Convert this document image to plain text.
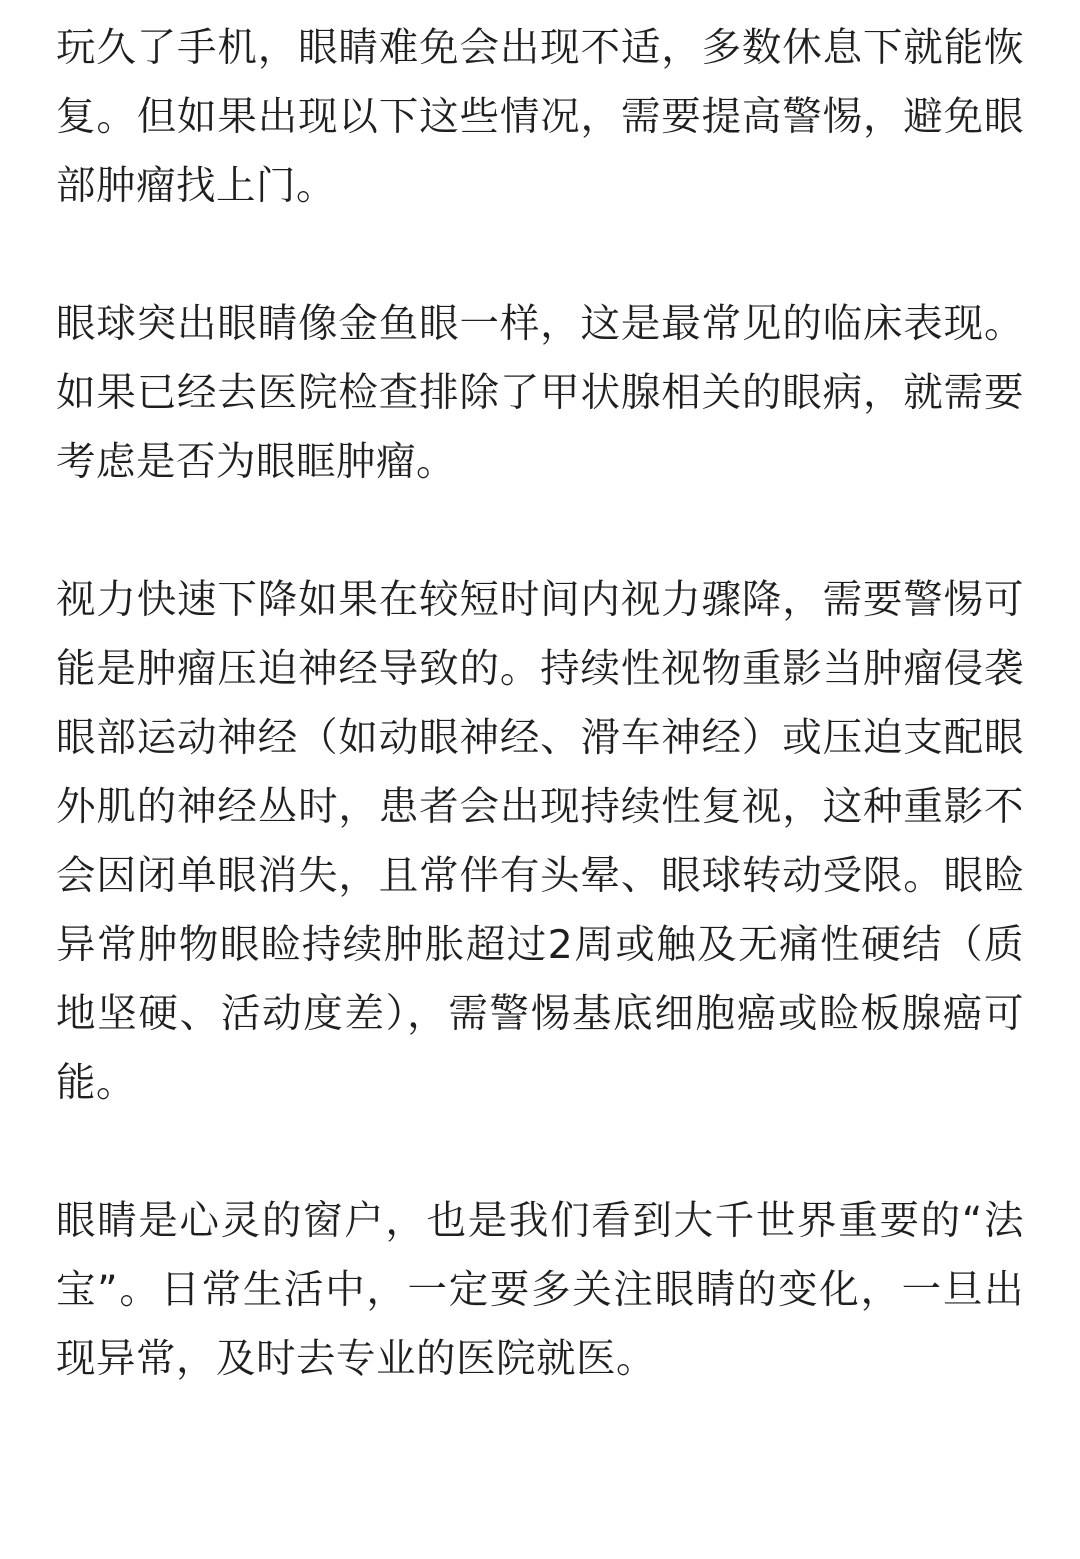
玩久了手机，眼睛难免会出现不适，多数休息下就能恢复。但如果出现以下这些情况，需要提高警惕，避免眼部肿瘤找上门。

眼球突出眼睛像金鱼眼一样，这是最常见的临床表现。如果已经去医院检查排除了甲状腺相关的眼病，就需要考虑是否为眼眶肿瘤。

视力快速下降如果在较短时间内视力骤降，需要警惕可能是肿瘤压迫神经导致的。持续性视物重影当肿瘤侵袭眼部运动神经（如动眼神经、滑车神经）或压迫支配眼外肌的神经丛时，患者会出现持续性复视，这种重影不会因闭单眼消失，且常伴有头晕、眼球转动受限。眼睑异常肿物眼睑持续肿胀超过2周或触及无痛性硬结（质地坚硬、活动度差），需警惕基底细胞癌或睑板腺癌可能。

眼睛是心灵的窗户，也是我们看到大千世界重要的“法宝”。日常生活中，一定要多关注眼睛的变化，一旦出现异常，及时去专业的医院就医。
